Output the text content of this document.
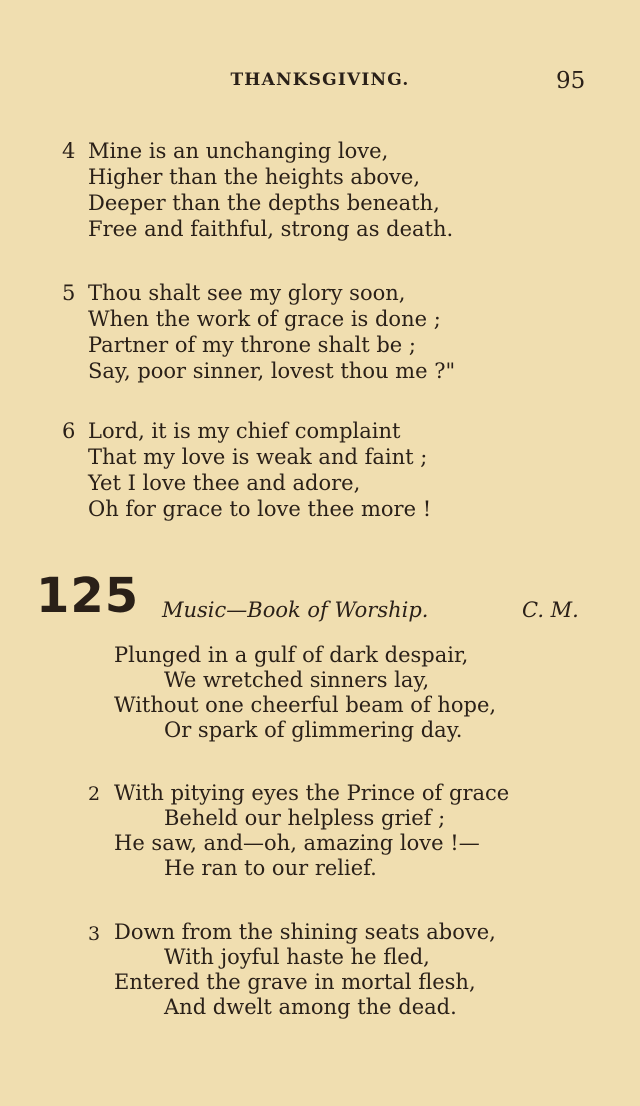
THANKSGIVING.	95
4 Mine is an unchanging love,
Higher than the heights above,
Deeper than the depths beneath,
Free and faithful, strong as death.
5 Thou shalt see my glory soon,
When the work of grace is done ;
Partner of my throne shalt be ;
Say, poor sinner, lovest thou me ?"
6 Lord, it is my chief complaint
That my love is weak and faint ;
Yet I love thee and adore,
Oh for grace to love thee more !
125 Music—Book of Worship.	C. M.
Plunged in a gulf of dark despair,
We wretched sinners lay,
Without one cheerful beam of hope,
Or spark of glimmering day.
2 With pitying eyes the Prince of grace
Beheld our helpless grief ;
He saw, and—oh, amazing love !—
He ran to our relief.
3 Down from the shining seats above,
With joyful haste he fled,
Entered the grave in mortal flesh,
And dwelt among the dead.
